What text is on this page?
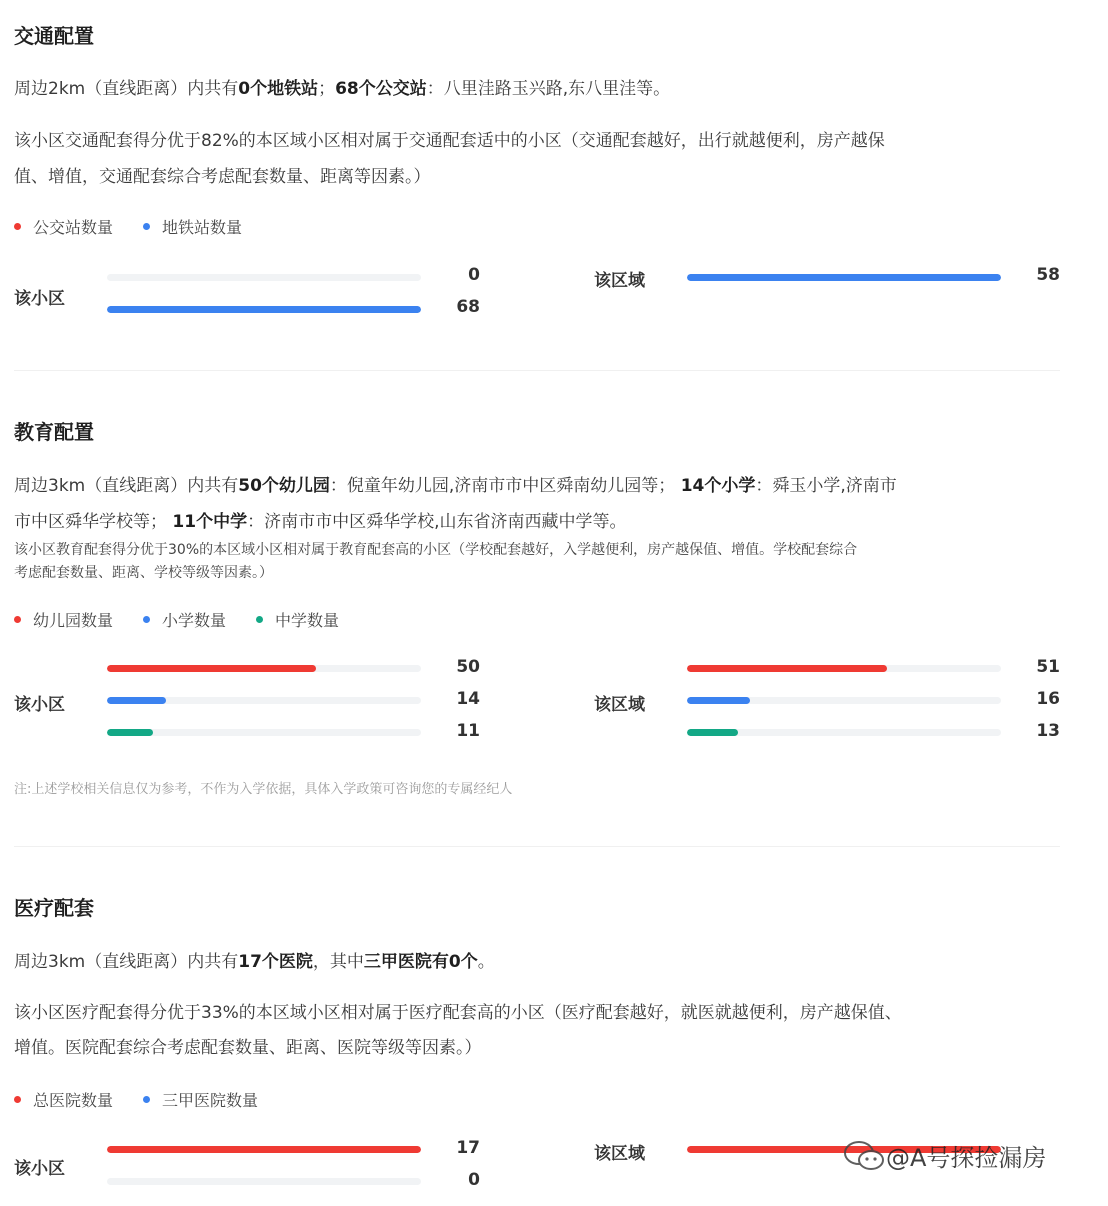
交通配置
周边2km（直线距离）内共有0个地铁站；68个公交站：八里洼路玉兴路,东八里洼等。
该小区交通配套得分优于82%的本区域小区相对属于交通配套适中的小区（交通配套越好，出行就越便利，房产越保
值、增值，交通配套综合考虑配套数量、距离等因素。）
公交站数量	地铁站数量
该小区
0
68
该区域	58
教育配置
周边3km（直线距离）内共有50个幼儿园：倪童年幼儿园,济南市市中区舜南幼儿园等； 14个小学：舜玉小学,济南市
市中区舜华学校等； 11个中学：济南市市中区舜华学校,山东省济南西藏中学等。
该小区教育配套得分优于30%的本区域小区相对属于教育配套高的小区（学校配套越好，入学越便利，房产越保值、增值。学校配套综合
考虑配套数量、距离、学校等级等因素。）
幼儿园数量	小学数量	中学数量
该小区
50
14
11
该区域
51
16
13
注:上述学校相关信息仅为参考，不作为入学依据，具体入学政策可咨询您的专属经纪人
医疗配套
周边3km（直线距离）内共有17个医院，其中三甲医院有0个。
该小区医疗配套得分优于33%的本区域小区相对属于医疗配套高的小区（医疗配套越好，就医就越便利，房产越保值、
增值。医院配套综合考虑配套数量、距离、医院等级等因素。）
总医院数量	三甲医院数量
该小区
17
0
该区域	@A号探捡漏房
